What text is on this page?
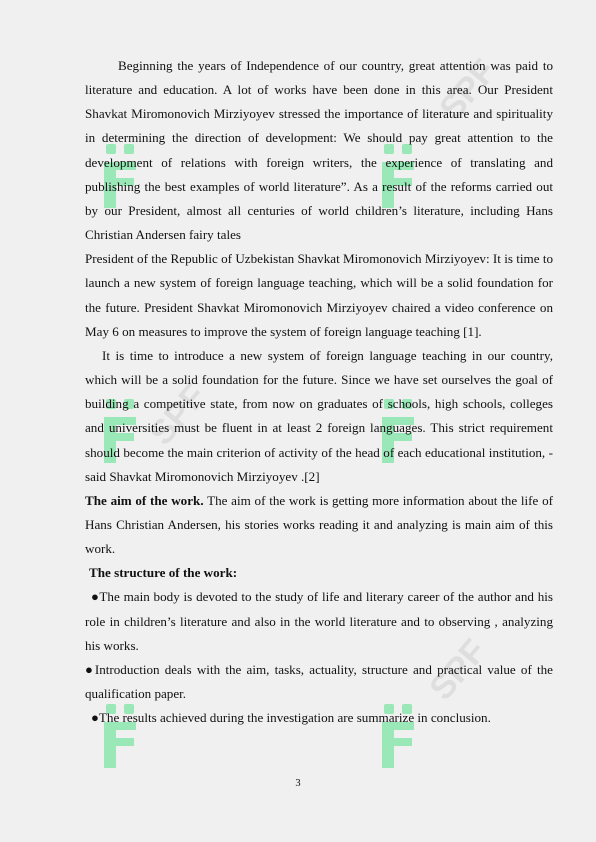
SPF
SPF
SPF

Beginning the years of Independence of our country, great attention was paid to literature and education. A lot of works have been done in this area. Our President Shavkat Miromonovich Mirziyoyev stressed the importance of literature and spirituality in determining the direction of development: We should pay great attention to the development of relations with foreign writers, the experience of translating and publishing the best examples of world literature”. As a result of the reforms carried out by our President, almost all centuries of world children’s literature, including Hans Christian Andersen fairy tales

President of the Republic of Uzbekistan Shavkat Miromonovich Mirziyoyev: It is time to launch a new system of foreign language teaching, which will be a solid foundation for the future. President Shavkat Miromonovich Mirziyoyev chaired a video conference on May 6 on measures to improve the system of foreign language teaching [1].

It is time to introduce a new system of foreign language teaching in our country, which will be a solid foundation for the future. Since we have set ourselves the goal of building a competitive state, from now on graduates of schools, high schools, colleges and universities must be fluent in at least 2 foreign languages. This strict requirement should become the main criterion of activity of the head of each educational institution, - said Shavkat Miromonovich Mirziyoyev .[2]

The aim of the work. The aim of the work is getting more information about the life of Hans Christian Andersen, his stories works reading it and analyzing is main aim of this work.

The structure of the work:

●The main body is devoted to the study of life and literary career of the author and his role in children’s literature and also in the world literature and to observing , analyzing his works.

●Introduction deals with the aim, tasks, actuality, structure and practical value of the qualification paper.

●The results achieved during the investigation are summarize in conclusion.

3
